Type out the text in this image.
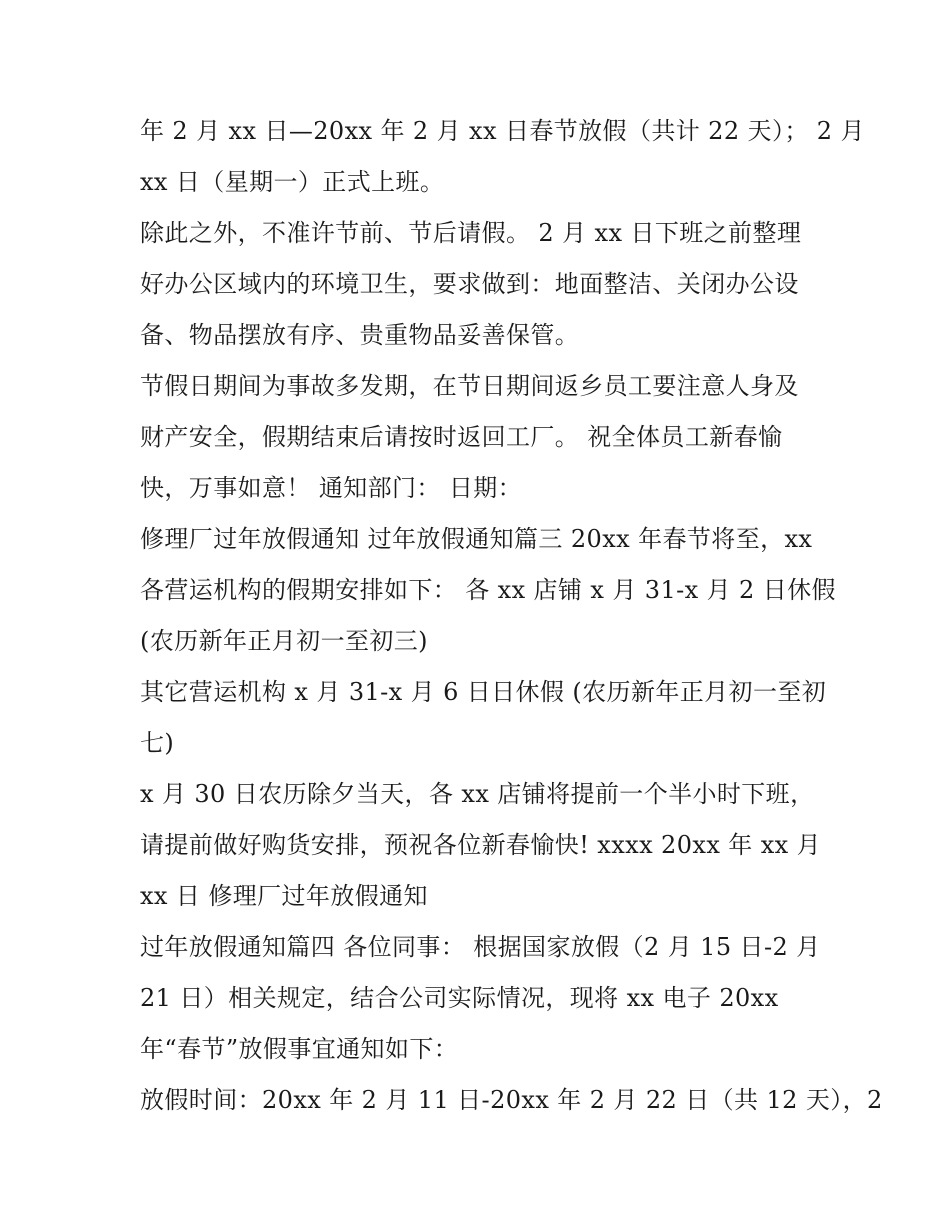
年 2 月 xx 日—20xx 年 2 月 xx 日春节放假（共计 22 天）； 2 月
xx 日（星期一）正式上班。
除此之外，不准许节前、节后请假。 2 月 xx 日下班之前整理
好办公区域内的环境卫生，要求做到：地面整洁、关闭办公设
备、物品摆放有序、贵重物品妥善保管。
节假日期间为事故多发期，在节日期间返乡员工要注意人身及
财产安全，假期结束后请按时返回工厂。 祝全体员工新春愉
快，万事如意！ 通知部门： 日期：
修理厂过年放假通知 过年放假通知篇三 20xx 年春节将至，xx
各营运机构的假期安排如下： 各 xx 店铺 x 月 31-x 月 2 日休假
(农历新年正月初一至初三)
其它营运机构 x 月 31-x 月 6 日日休假 (农历新年正月初一至初
七)
x 月 30 日农历除夕当天，各 xx 店铺将提前一个半小时下班，
请提前做好购货安排，预祝各位新春愉快! xxxx 20xx 年 xx 月
xx 日 修理厂过年放假通知
过年放假通知篇四 各位同事： 根据国家放假（2 月 15 日-2 月
21 日）相关规定，结合公司实际情况，现将 xx 电子 20xx
年“春节”放假事宜通知如下：
放假时间：20xx 年 2 月 11 日-20xx 年 2 月 22 日（共 12 天），2
